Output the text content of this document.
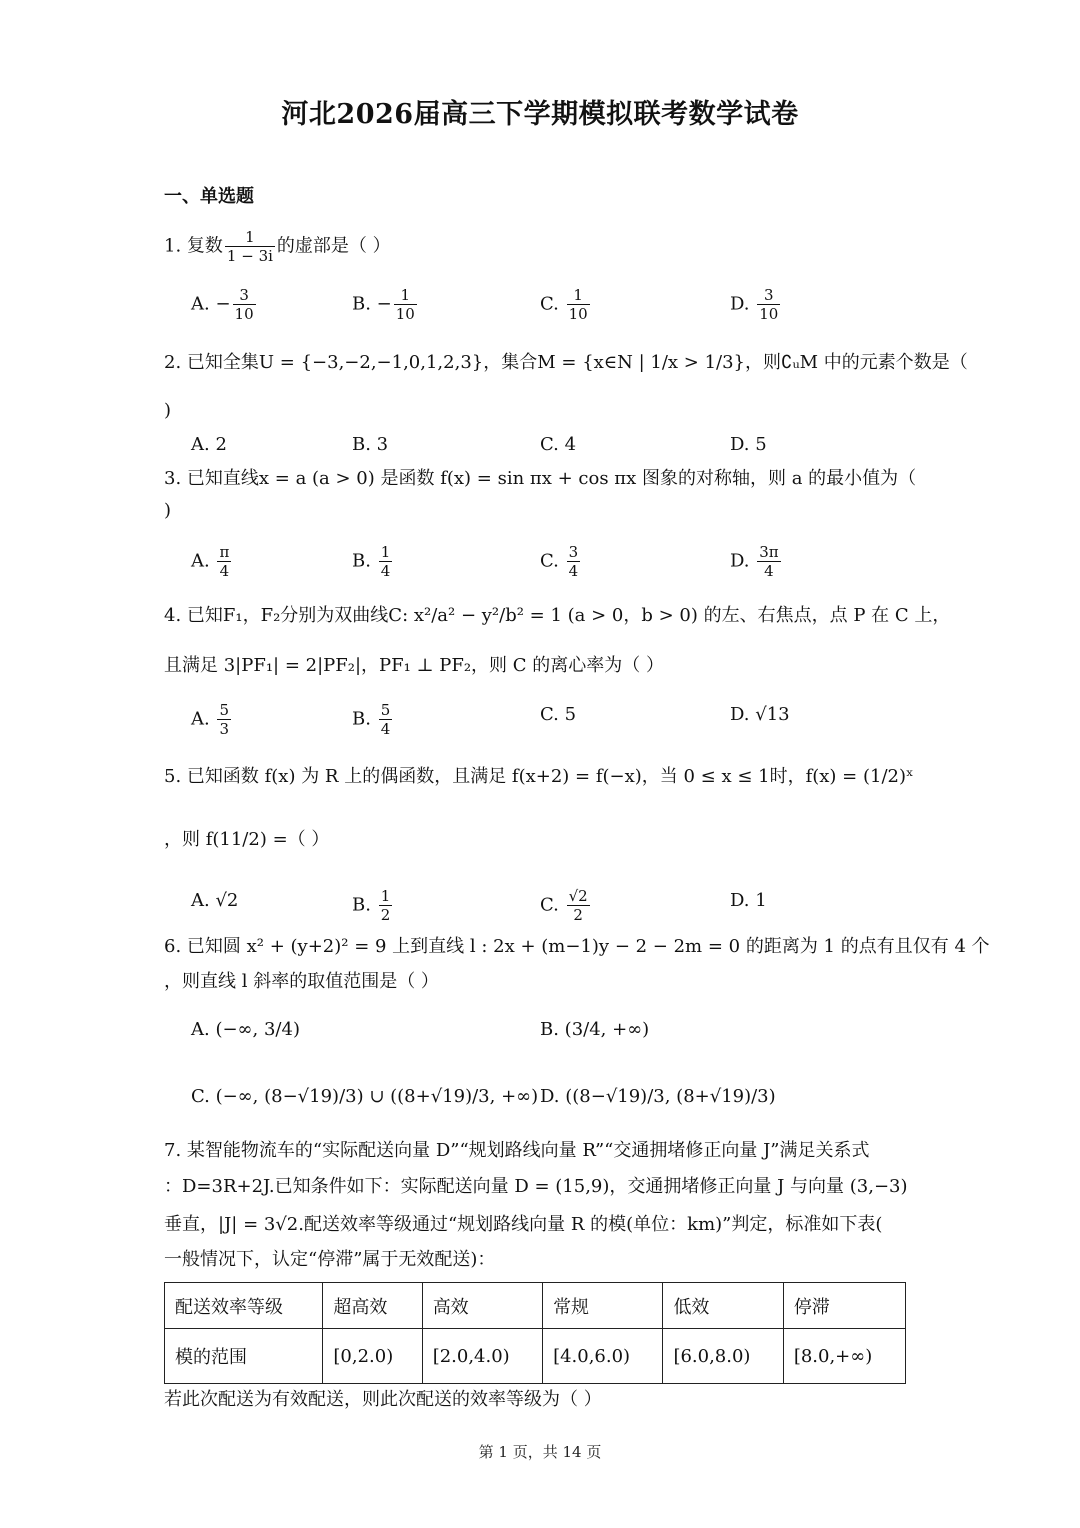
河北2026届高三下学期模拟联考数学试卷
一、单选题
1. 复数 $\frac{1}{1 - 3i}$ 的虚部是（ ）
A. − $\frac{3}{10}$	B. − $\frac{1}{10}$	C. $\frac{1}{10}$	D. $\frac{3}{10}$
2. 已知全集U = {−3,−2,−1,0,1,2,3}，集合M = {x∈N | 1/x > 1/3}，则∁ᵤM 中的元素个数是（
)
A. 2	B. 3	C. 4	D. 5
3. 已知直线x = a (a > 0) 是函数 f(x) = sin πx + cos πx 图象的对称轴，则 a 的最小值为（
)
A. $\frac{\pi}{4}$	B. $\frac{1}{4}$	C. $\frac{3}{4}$	D. $\frac{3\pi}{4}$
4. 已知F₁，F₂分别为双曲线C: x²/a² − y²/b² = 1 (a > 0，b > 0) 的左、右焦点，点 P 在 C 上，
且满足 3|PF₁| = 2|PF₂|，PF₁ ⊥ PF₂，则 C 的离心率为（ ）
A. $\frac{5}{3}$	B. $\frac{5}{4}$	C. 5	D. √13
5. 已知函数 f(x) 为 R 上的偶函数，且满足 f(x+2) = f(−x)，当 0 ≤ x ≤ 1时，f(x) = (1/2)ˣ
，则 f(11/2) =（ ）
A. √2	B. $\frac{1}{2}$	C. $\frac{√2}{2}$	D. 1
6. 已知圆 x² + (y+2)² = 9 上到直线 l : 2x + (m−1)y − 2 − 2m = 0 的距离为 1 的点有且仅有 4 个
，则直线 l 斜率的取值范围是（ ）
A. (−∞, 3/4)	B. (3/4, +∞)
C. (−∞, (8−√19)/3) ∪ ((8+√19)/3, +∞) D. ((8−√19)/3, (8+√19)/3)
7. 某智能物流车的“实际配送向量 D”“规划路线向量 R”“交通拥堵修正向量 J”满足关系式
：D=3R+2J.已知条件如下：实际配送向量 D = (15,9)，交通拥堵修正向量 J 与向量 (3,−3)
垂直，|J| = 3√2.配送效率等级通过“规划路线向量 R 的模(单位：km)”判定，标准如下表(
一般情况下，认定“停滞”属于无效配送)：
配送效率等级	超高效	高效	常规	低效	停滞
模的范围	[0,2.0)	[2.0,4.0)	[4.0,6.0)	[6.0,8.0)	[8.0,+∞)
若此次配送为有效配送，则此次配送的效率等级为（ ）
第 1 页，共 14 页
